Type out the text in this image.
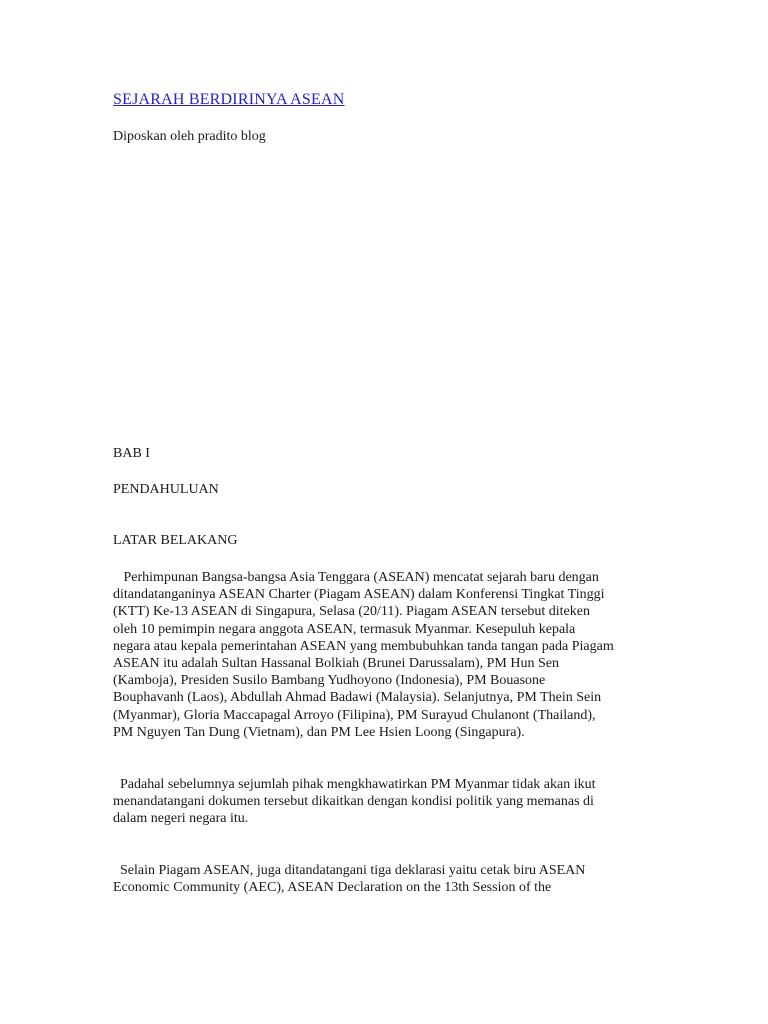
SEJARAH BERDIRINYA ASEAN
Diposkan oleh pradito blog
BAB I
PENDAHULUAN
LATAR BELAKANG

Perhimpunan Bangsa-bangsa Asia Tenggara (ASEAN) mencatat sejarah baru dengan
ditandatanganinya ASEAN Charter (Piagam ASEAN) dalam Konferensi Tingkat Tinggi
(KTT) Ke-13 ASEAN di Singapura, Selasa (20/11). Piagam ASEAN tersebut diteken
oleh 10 pemimpin negara anggota ASEAN, termasuk Myanmar. Kesepuluh kepala
negara atau kepala pemerintahan ASEAN yang membubuhkan tanda tangan pada Piagam
ASEAN itu adalah Sultan Hassanal Bolkiah (Brunei Darussalam), PM Hun Sen
(Kamboja), Presiden Susilo Bambang Yudhoyono (Indonesia), PM Bouasone
Bouphavanh (Laos), Abdullah Ahmad Badawi (Malaysia). Selanjutnya, PM Thein Sein
(Myanmar), Gloria Maccapagal Arroyo (Filipina), PM Surayud Chulanont (Thailand),
PM Nguyen Tan Dung (Vietnam), dan PM Lee Hsien Loong (Singapura).

Padahal sebelumnya sejumlah pihak mengkhawatirkan PM Myanmar tidak akan ikut
menandatangani dokumen tersebut dikaitkan dengan kondisi politik yang memanas di
dalam negeri negara itu.

Selain Piagam ASEAN, juga ditandatangani tiga deklarasi yaitu cetak biru ASEAN
Economic Community (AEC), ASEAN Declaration on the 13th Session of the
